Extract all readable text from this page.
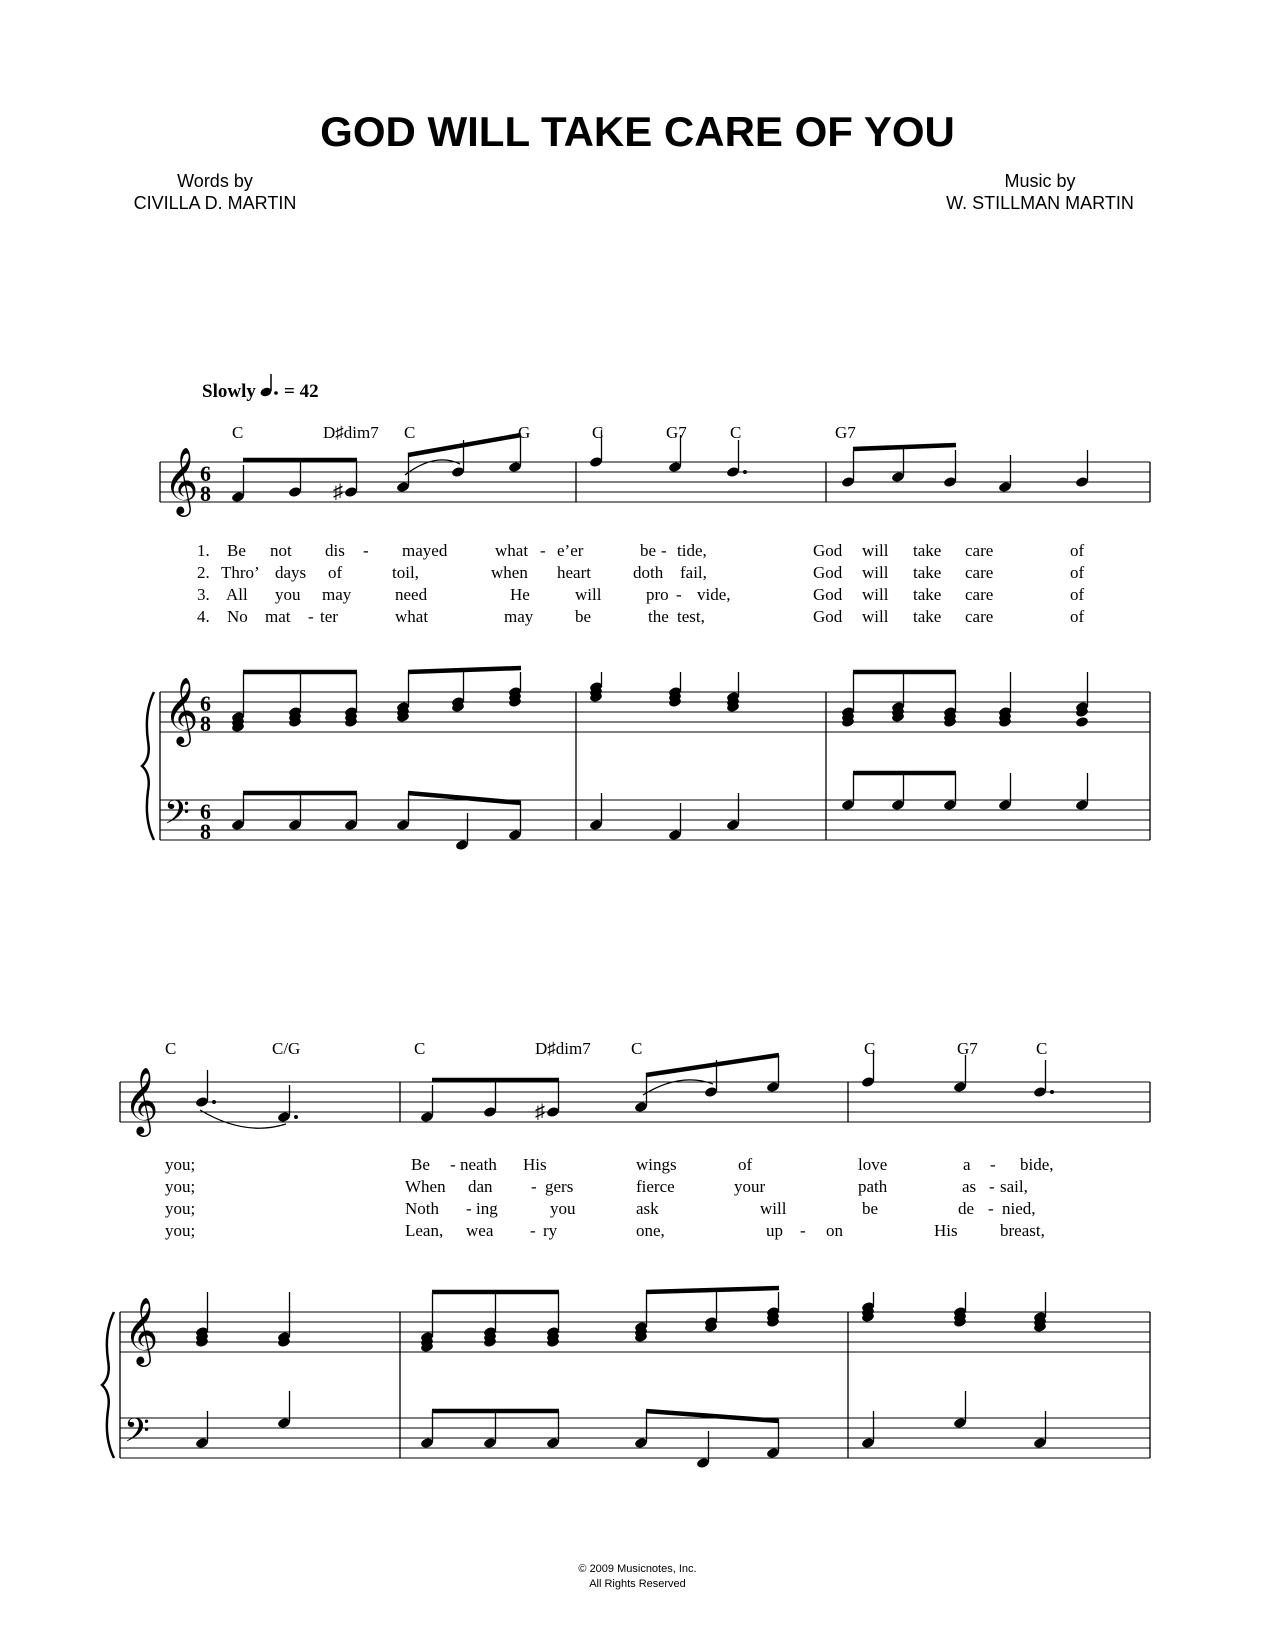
GOD WILL TAKE CARE OF YOU
Words by
CIVILLA D. MARTIN
Music by
W. STILLMAN MARTIN
Slowly = 42
C	D♯dim7 C	G	C	G7	C	G7
𝄞 6
8	♯
1. Be not dis - mayed	what - e’er	be - tide,	God will take care	of
2. Thro’ days of	toil,	when heart doth fail,	God will take care	of
3. All you may	need	He	will	pro - vide,	God will take care	of
4. No mat - ter	what	may be	the test,	God will take care	of
𝄞 6
8
𝄢 6
8
C	C/G	C	D♯dim7 C	C	G7	C
𝄞	♯
you;	Be - neath His	wings	of	love	a - bide,
you;	When dan - gers	fierce	your	path	as - sail,
you;	Noth - ing	you	ask	will	be	de - nied,
you;	Lean, wea - ry	one,	up - on	His breast,
𝄞
𝄢
© 2009 Musicnotes, Inc.
All Rights Reserved
